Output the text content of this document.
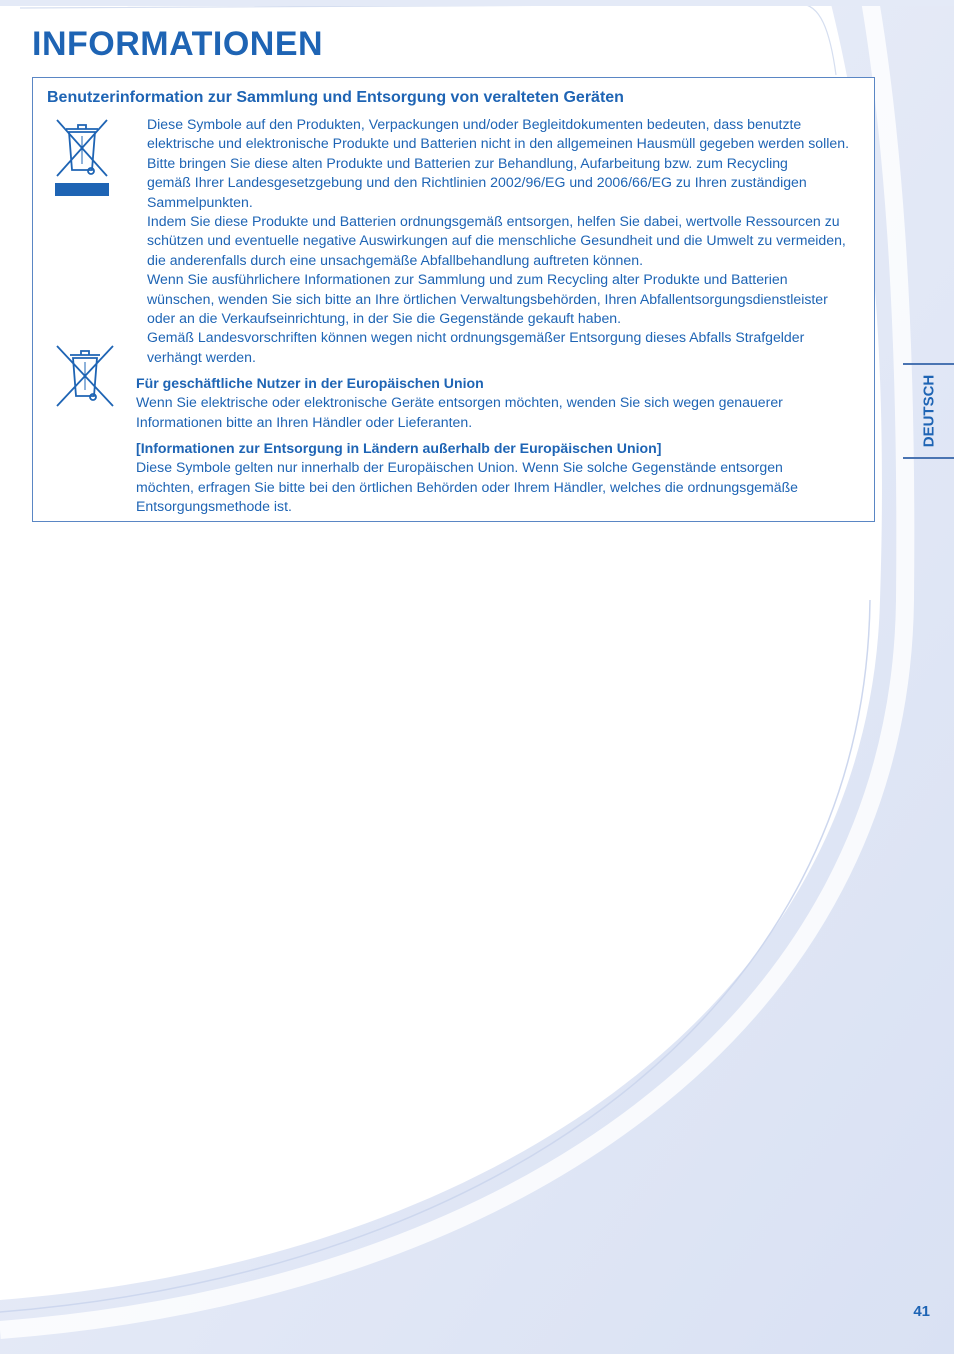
INFORMATIONEN
Benutzerinformation zur Sammlung und Entsorgung von veralteten Geräten

Diese Symbole auf den Produkten, Verpackungen und/oder Begleitdokumenten bedeuten, dass benutzte
elektrische und elektronische Produkte und Batterien nicht in den allgemeinen Hausmüll gegeben werden sollen.
Bitte bringen Sie diese alten Produkte und Batterien zur Behandlung, Aufarbeitung bzw. zum Recycling
gemäß Ihrer Landesgesetzgebung und den Richtlinien 2002/96/EG und 2006/66/EG zu Ihren zuständigen
Sammelpunkten.
Indem Sie diese Produkte und Batterien ordnungsgemäß entsorgen, helfen Sie dabei, wertvolle Ressourcen zu
schützen und eventuelle negative Auswirkungen auf die menschliche Gesundheit und die Umwelt zu vermeiden,
die anderenfalls durch eine unsachgemäße Abfallbehandlung auftreten können.
Wenn Sie ausführlichere Informationen zur Sammlung und zum Recycling alter Produkte und Batterien
wünschen, wenden Sie sich bitte an Ihre örtlichen Verwaltungsbehörden, Ihren Abfallentsorgungsdienstleister
oder an die Verkaufseinrichtung, in der Sie die Gegenstände gekauft haben.
Gemäß Landesvorschriften können wegen nicht ordnungsgemäßer Entsorgung dieses Abfalls Strafgelder
verhängt werden.

Für geschäftliche Nutzer in der Europäischen Union
Wenn Sie elektrische oder elektronische Geräte entsorgen möchten, wenden Sie sich wegen genauerer
Informationen bitte an Ihren Händler oder Lieferanten.

[Informationen zur Entsorgung in Ländern außerhalb der Europäischen Union]
Diese Symbole gelten nur innerhalb der Europäischen Union. Wenn Sie solche Gegenstände entsorgen
möchten, erfragen Sie bitte bei den örtlichen Behörden oder Ihrem Händler, welches die ordnungsgemäße
Entsorgungsmethode ist.

DEUTSCH
41
